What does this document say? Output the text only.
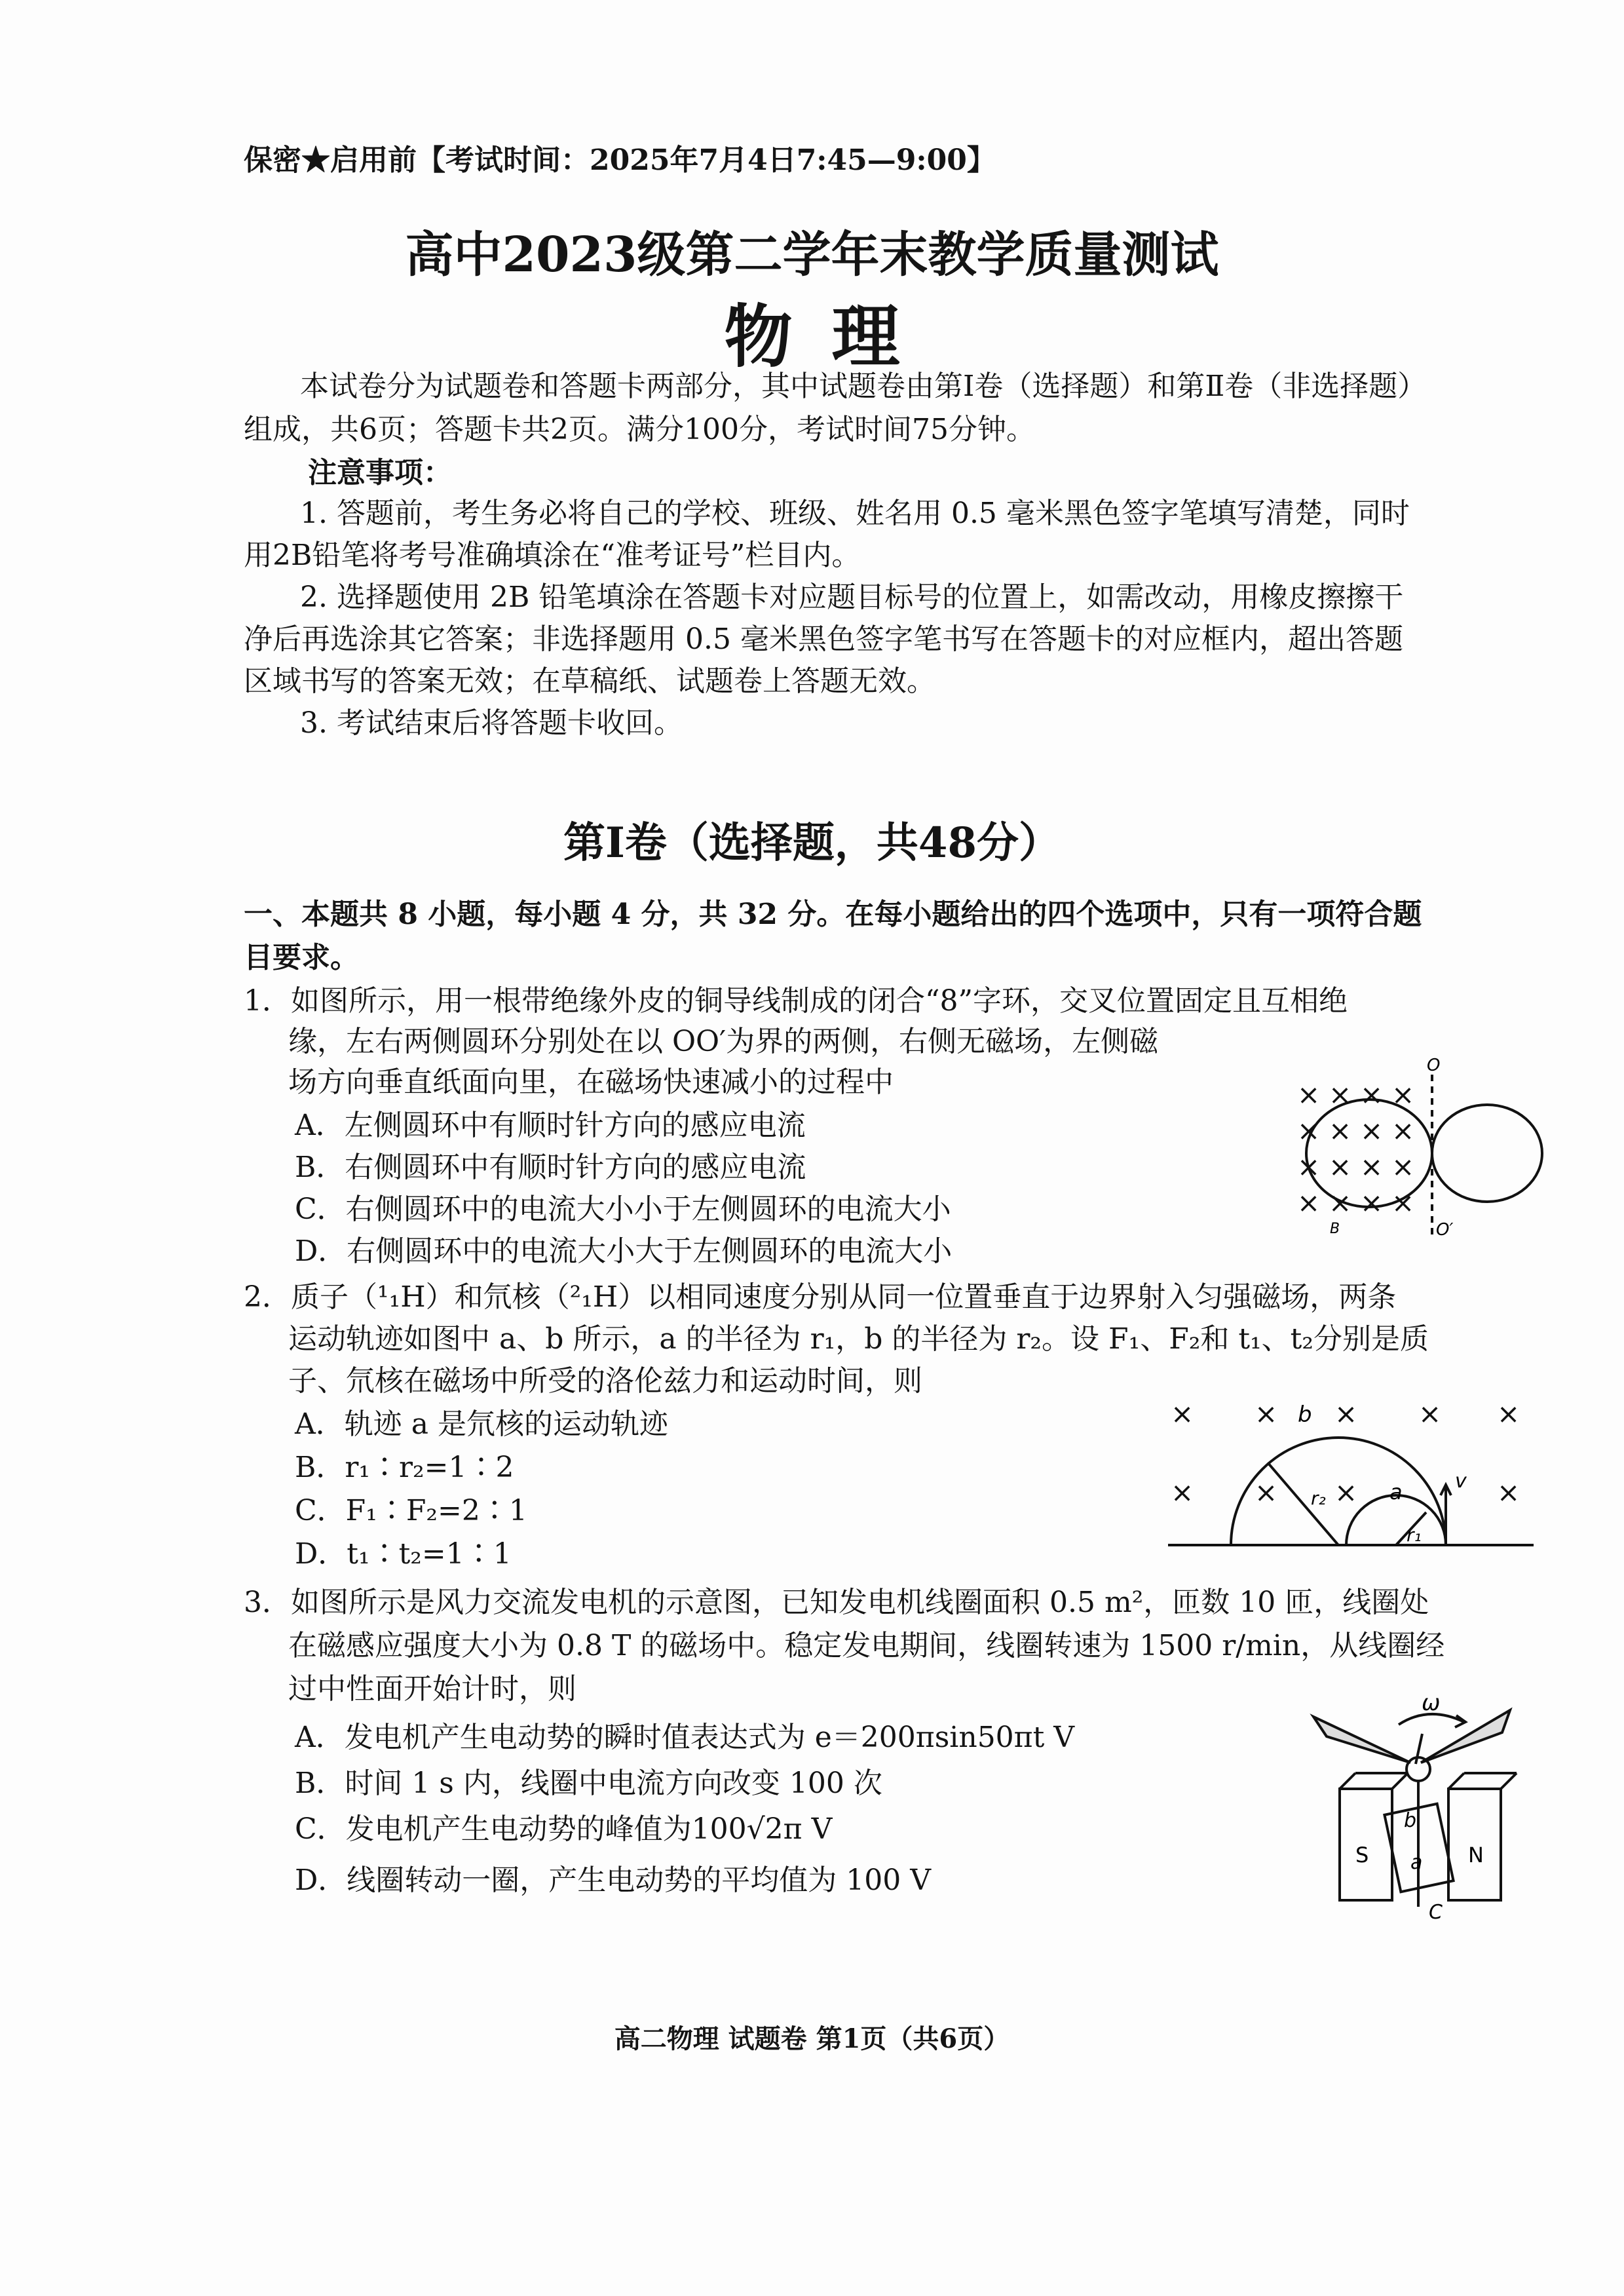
保密★启用前【考试时间：2025年7月4日7:45—9:00】
高中2023级第二学年末教学质量测试
物理
本试卷分为试题卷和答题卡两部分，其中试题卷由第Ⅰ卷（选择题）和第Ⅱ卷（非选择题）
组成，共6页；答题卡共2页。满分100分，考试时间75分钟。
注意事项：
1. 答题前，考生务必将自己的学校、班级、姓名用 0.5 毫米黑色签字笔填写清楚，同时
用2B铅笔将考号准确填涂在“准考证号”栏目内。
2. 选择题使用 2B 铅笔填涂在答题卡对应题目标号的位置上，如需改动，用橡皮擦擦干
净后再选涂其它答案；非选择题用 0.5 毫米黑色签字笔书写在答题卡的对应框内，超出答题
区域书写的答案无效；在草稿纸、试题卷上答题无效。
3. 考试结束后将答题卡收回。
第Ⅰ卷（选择题，共48分）
一、本题共 8 小题，每小题 4 分，共 32 分。在每小题给出的四个选项中，只有一项符合题
目要求。
1．如图所示，用一根带绝缘外皮的铜导线制成的闭合“8”字环，交叉位置固定且互相绝
缘，左右两侧圆环分别处在以 OO′为界的两侧，右侧无磁场，左侧磁
场方向垂直纸面向里，在磁场快速减小的过程中
A．左侧圆环中有顺时针方向的感应电流
B．右侧圆环中有顺时针方向的感应电流
C．右侧圆环中的电流大小小于左侧圆环的电流大小
D．右侧圆环中的电流大小大于左侧圆环的电流大小
× × × ×
× × × ×
× × × ×
× × × ×
O
O′
B
2．质子（¹₁H）和氘核（²₁H）以相同速度分别从同一位置垂直于边界射入匀强磁场，两条
运动轨迹如图中 a、b 所示，a 的半径为 r₁，b 的半径为 r₂。设 F₁、F₂和 t₁、t₂分别是质
子、氘核在磁场中所受的洛伦兹力和运动时间，则
A．轨迹 a 是氘核的运动轨迹
B．r₁∶r₂=1∶2
C．F₁∶F₂=2∶1
D．t₁∶t₂=1∶1
× × × × ×
× × ×	×
b
a	v
r₂
r₁
3．如图所示是风力交流发电机的示意图，已知发电机线圈面积 0.5 m²，匝数 10 匝，线圈处
在磁感应强度大小为 0.8 T 的磁场中。稳定发电期间，线圈转速为 1500 r/min，从线圈经
过中性面开始计时，则
A．发电机产生电动势的瞬时值表达式为 e＝200πsin50πt V
B．时间 1 s 内，线圈中电流方向改变 100 次
C．发电机产生电动势的峰值为100√2π V
D．线圈转动一圈，产生电动势的平均值为 100 V
ω
S	N
b
a
C
高二物理 试题卷 第1页（共6页）
